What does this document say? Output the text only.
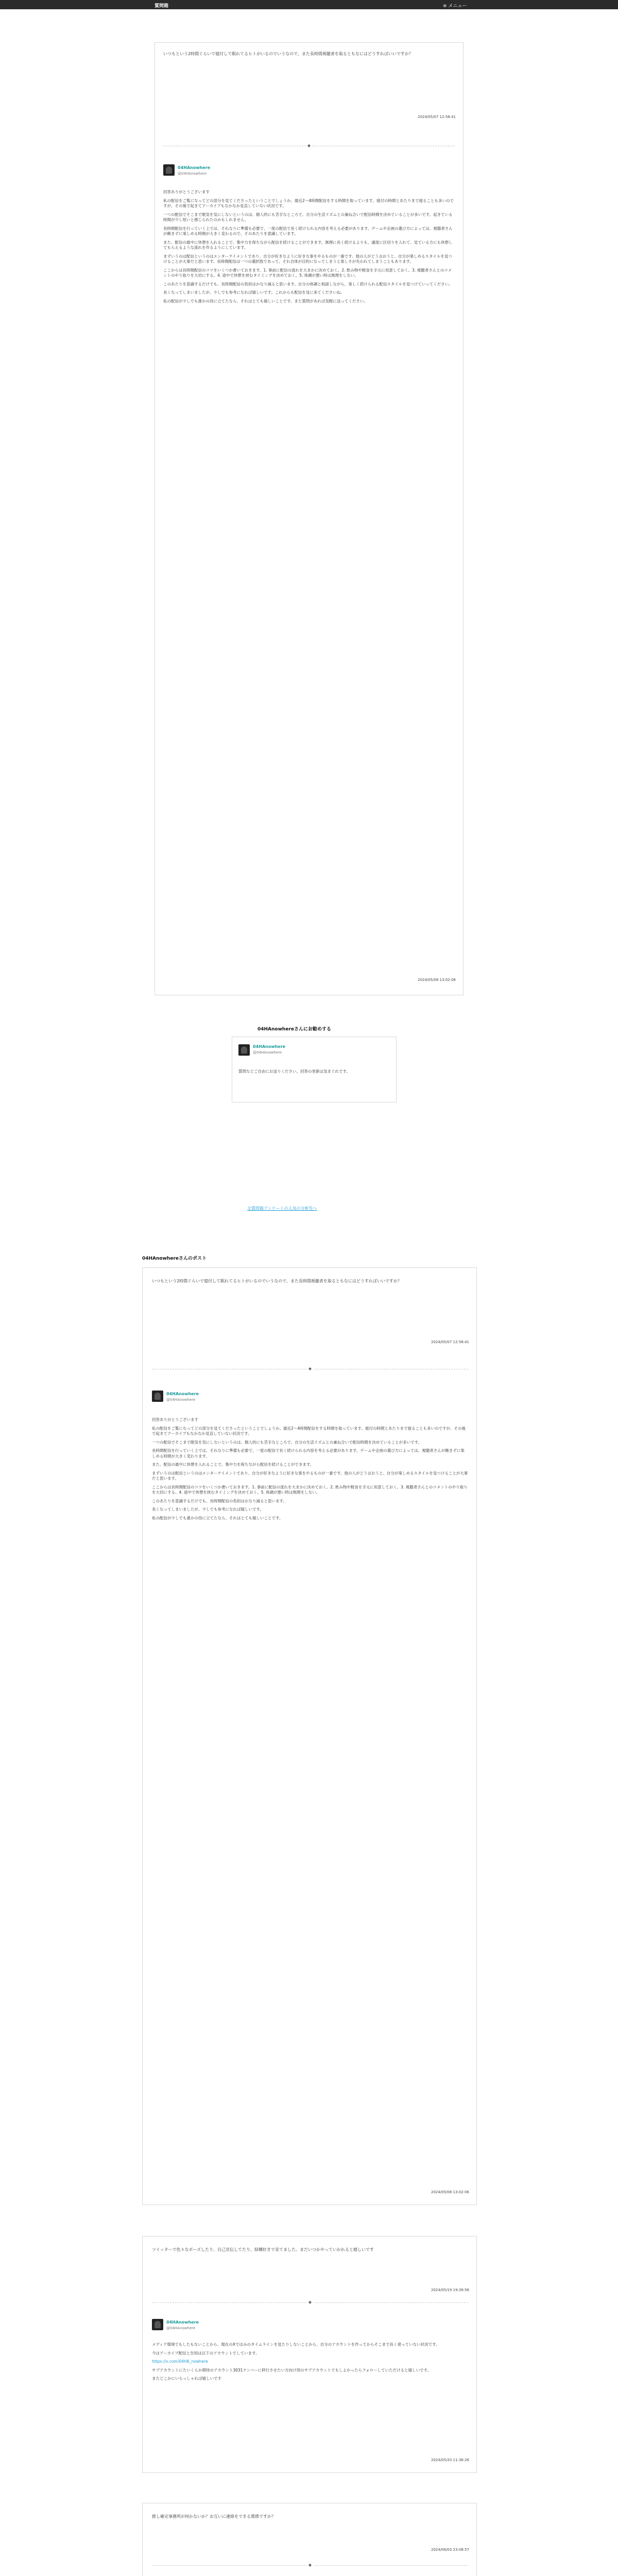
質問箱	≡ メニュー
いつもという2時間ぐらいで寝付して眠れてるヒトがいるのでいうなので、また長時間視聴者を取るともなにはどうすればいいですか？
2024/05/07 12:58:41
◆
04HAnowhere
@04HAnowhere

回答ありがとうございます

私の配信をご覧になってどの部分を見てくださったということでしょうか。最近2〜4時間配信をする時間を取っています。寝付の時間とあたりまで寝ることも多いのですが、その後で起きてアーカイブもなかなか見直していない状況です。

一つの配信でそこまで眠気を気にしないというのは、個人的にも苦手なところで、自分の生活リズムとの兼ね合いで配信時間を決めていることが多いです。起きている時間が少し短いと感じられたのかもしれません。

長時間配信を行っていく上では、それなりに準備も必要で、一度の配信で長く続けられる内容を考える必要があります。ゲームや企画の選び方によっては、視聴者さんが飽きずに楽しめる時間が大きく変わるので、そのあたりを意識しています。

また、配信の最中に休憩を入れることで、集中力を保ちながら配信を続けることができます。無理に長く続けるよりも、適度に区切りを入れて、見ている方にも休憩してもらえるような流れを作るようにしています。

まずいうのは配信というのはエンターテイメントであり、自分が好きなように好きな事をやるものが一番です。他の人がどう言おうと、自分が楽しめるスタイルを見つけることが大事だと思います。長時間配信は一つの選択肢であって、それ自体が目的になってしまうと楽しさが失われてしまうこともあります。

ここからは長時間配信のコツをいくつか書いておきます。1. 事前に配信の流れを大まかに決めておく。2. 飲み物や軽食を手元に用意しておく。3. 視聴者さんとのコメントのやり取りを大切にする。4. 途中で休憩を挟むタイミングを決めておく。5. 体調が悪い時は無理をしない。

このあたりを意識するだけでも、長時間配信の負担はかなり減ると思います。自分の体調と相談しながら、楽しく続けられる配信スタイルを見つけていってください。

長くなってしまいましたが、少しでも参考になれば嬉しいです。これからも配信を見に来てくださいね。

私の配信が少しでも誰かの役に立てたなら、それはとても嬉しいことです。また質問があれば気軽に送ってください。

2024/05/08 13:02:06
04HAnowhereさんにお勧めする
04HAnowhere
@04HAnowhere
質問などご自由にお送りください。回答の更新は気まぐれです。
全質問箱アンケートの人気の分析先へ
04HAnowhereさんのポスト
いつもという2時間ぐらいで寝付して眠れてるヒトがいるのでいうなので、また長時間視聴者を取るともなにはどうすればいいですか？
2024/05/07 12:58:41
◆
04HAnowhere
@04HAnowhere

回答ありがとうございます

私の配信をご覧になってどの部分を見てくださったということでしょうか。最近2〜4時間配信をする時間を取っています。寝付の時間とあたりまで寝ることも多いのですが、その後で起きてアーカイブもなかなか見直していない状況です。

一つの配信でそこまで眠気を気にしないというのは、個人的にも苦手なところで、自分の生活リズムとの兼ね合いで配信時間を決めていることが多いです。

長時間配信を行っていく上では、それなりに準備も必要で、一度の配信で長く続けられる内容を考える必要があります。ゲームや企画の選び方によっては、視聴者さんが飽きずに楽しめる時間が大きく変わります。

また、配信の最中に休憩を入れることで、集中力を保ちながら配信を続けることができます。

まずいうのは配信というのはエンターテイメントであり、自分が好きなように好きな事をやるものが一番です。他の人がどう言おうと、自分が楽しめるスタイルを見つけることが大事だと思います。

ここからは長時間配信のコツをいくつか書いておきます。1. 事前に配信の流れを大まかに決めておく。2. 飲み物や軽食を手元に用意しておく。3. 視聴者さんとのコメントのやり取りを大切にする。4. 途中で休憩を挟むタイミングを決めておく。5. 体調が悪い時は無理をしない。

このあたりを意識するだけでも、長時間配信の負担はかなり減ると思います。

長くなってしまいましたが、少しでも参考になれば嬉しいです。

私の配信が少しでも誰かの役に立てたなら、それはとても嬉しいことです。

2024/05/08 13:02:06
ツイッターで色々なポーズしたり、自己宣伝してたり、結構好きで見てました。まだいつかやっていかれると嬉しいです
2024/05/19 19:39:56
◆
04HAnowhere
@04HAnowhere

メディア環境でもしたもないことから、現在のXではみのタイムラインを見たりしないことから、自分のアカウントを作ってからそこまで長く使っていない状況です。

今はアーカイブ配信と告知は以下のアカウントでしています。

https://x.com/04HA_nowhere

サブアカウントにたいくらか期待のアカウント3031ナンバーに移行させたい方向け別のサブアカウントでもしよかったらフォローしていただけると嬉しいです。

またどこかにいらっしゃれば嬉しいです

2024/05/20 11:36:26
推し確定事務所が何かないか？お互いに連絡をできる関係ですか？
2024/06/03 23:08:57
◆
